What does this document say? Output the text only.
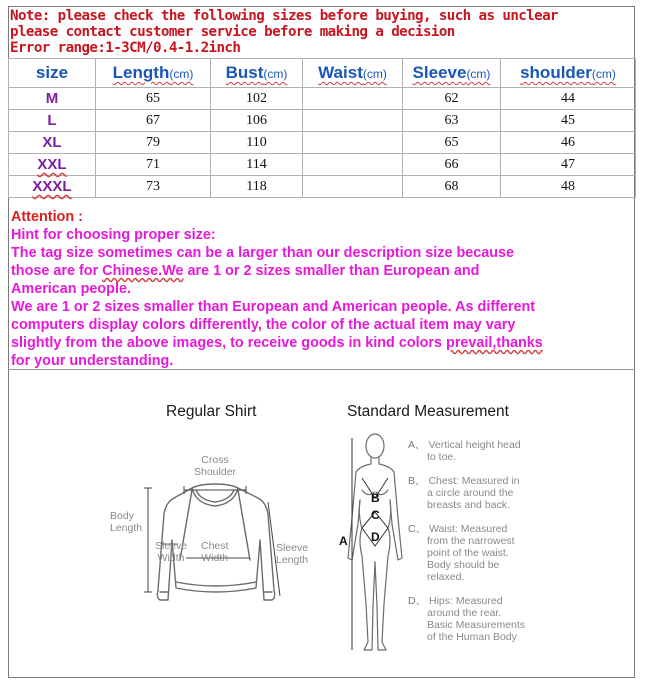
Note: please check the following sizes before buying, such as unclear
please contact customer service before making a decision
Error range:1-3CM/0.4-1.2inch
size	Length(cm)	Bust(cm)	Waist(cm)	Sleeve(cm)	shoulder(cm)
M	65	102		62	44
L	67	106		63	45
XL	79	110		65	46
XXL	71	114		66	47
XXXL	73	118		68	48
Attention :
Hint for choosing proper size:
The tag size sometimes can be a larger than our description size because
those are for Chinese.We are 1 or 2 sizes smaller than European and
American people.
We are 1 or 2 sizes smaller than European and American people. As different
computers display colors differently, the color of the actual item may vary
slightly from the above images, to receive goods in kind colors prevail,thanks
for your understanding.
Regular Shirt
Cross
Shoulder
Body
Length
Sleeve
Width
Chest
Width
Sleeve
Length
Standard Measurement
A
B
C
D
A、 Vertical height head
to toe.
B、 Chest: Measured in
a circle around the
breasts and back.
C、 Waist: Measured
from the narrowest
point of the waist.
Body should be
relaxed.
D、 Hips: Measured
around the rear.
Basic Measurements
of the Human Body
